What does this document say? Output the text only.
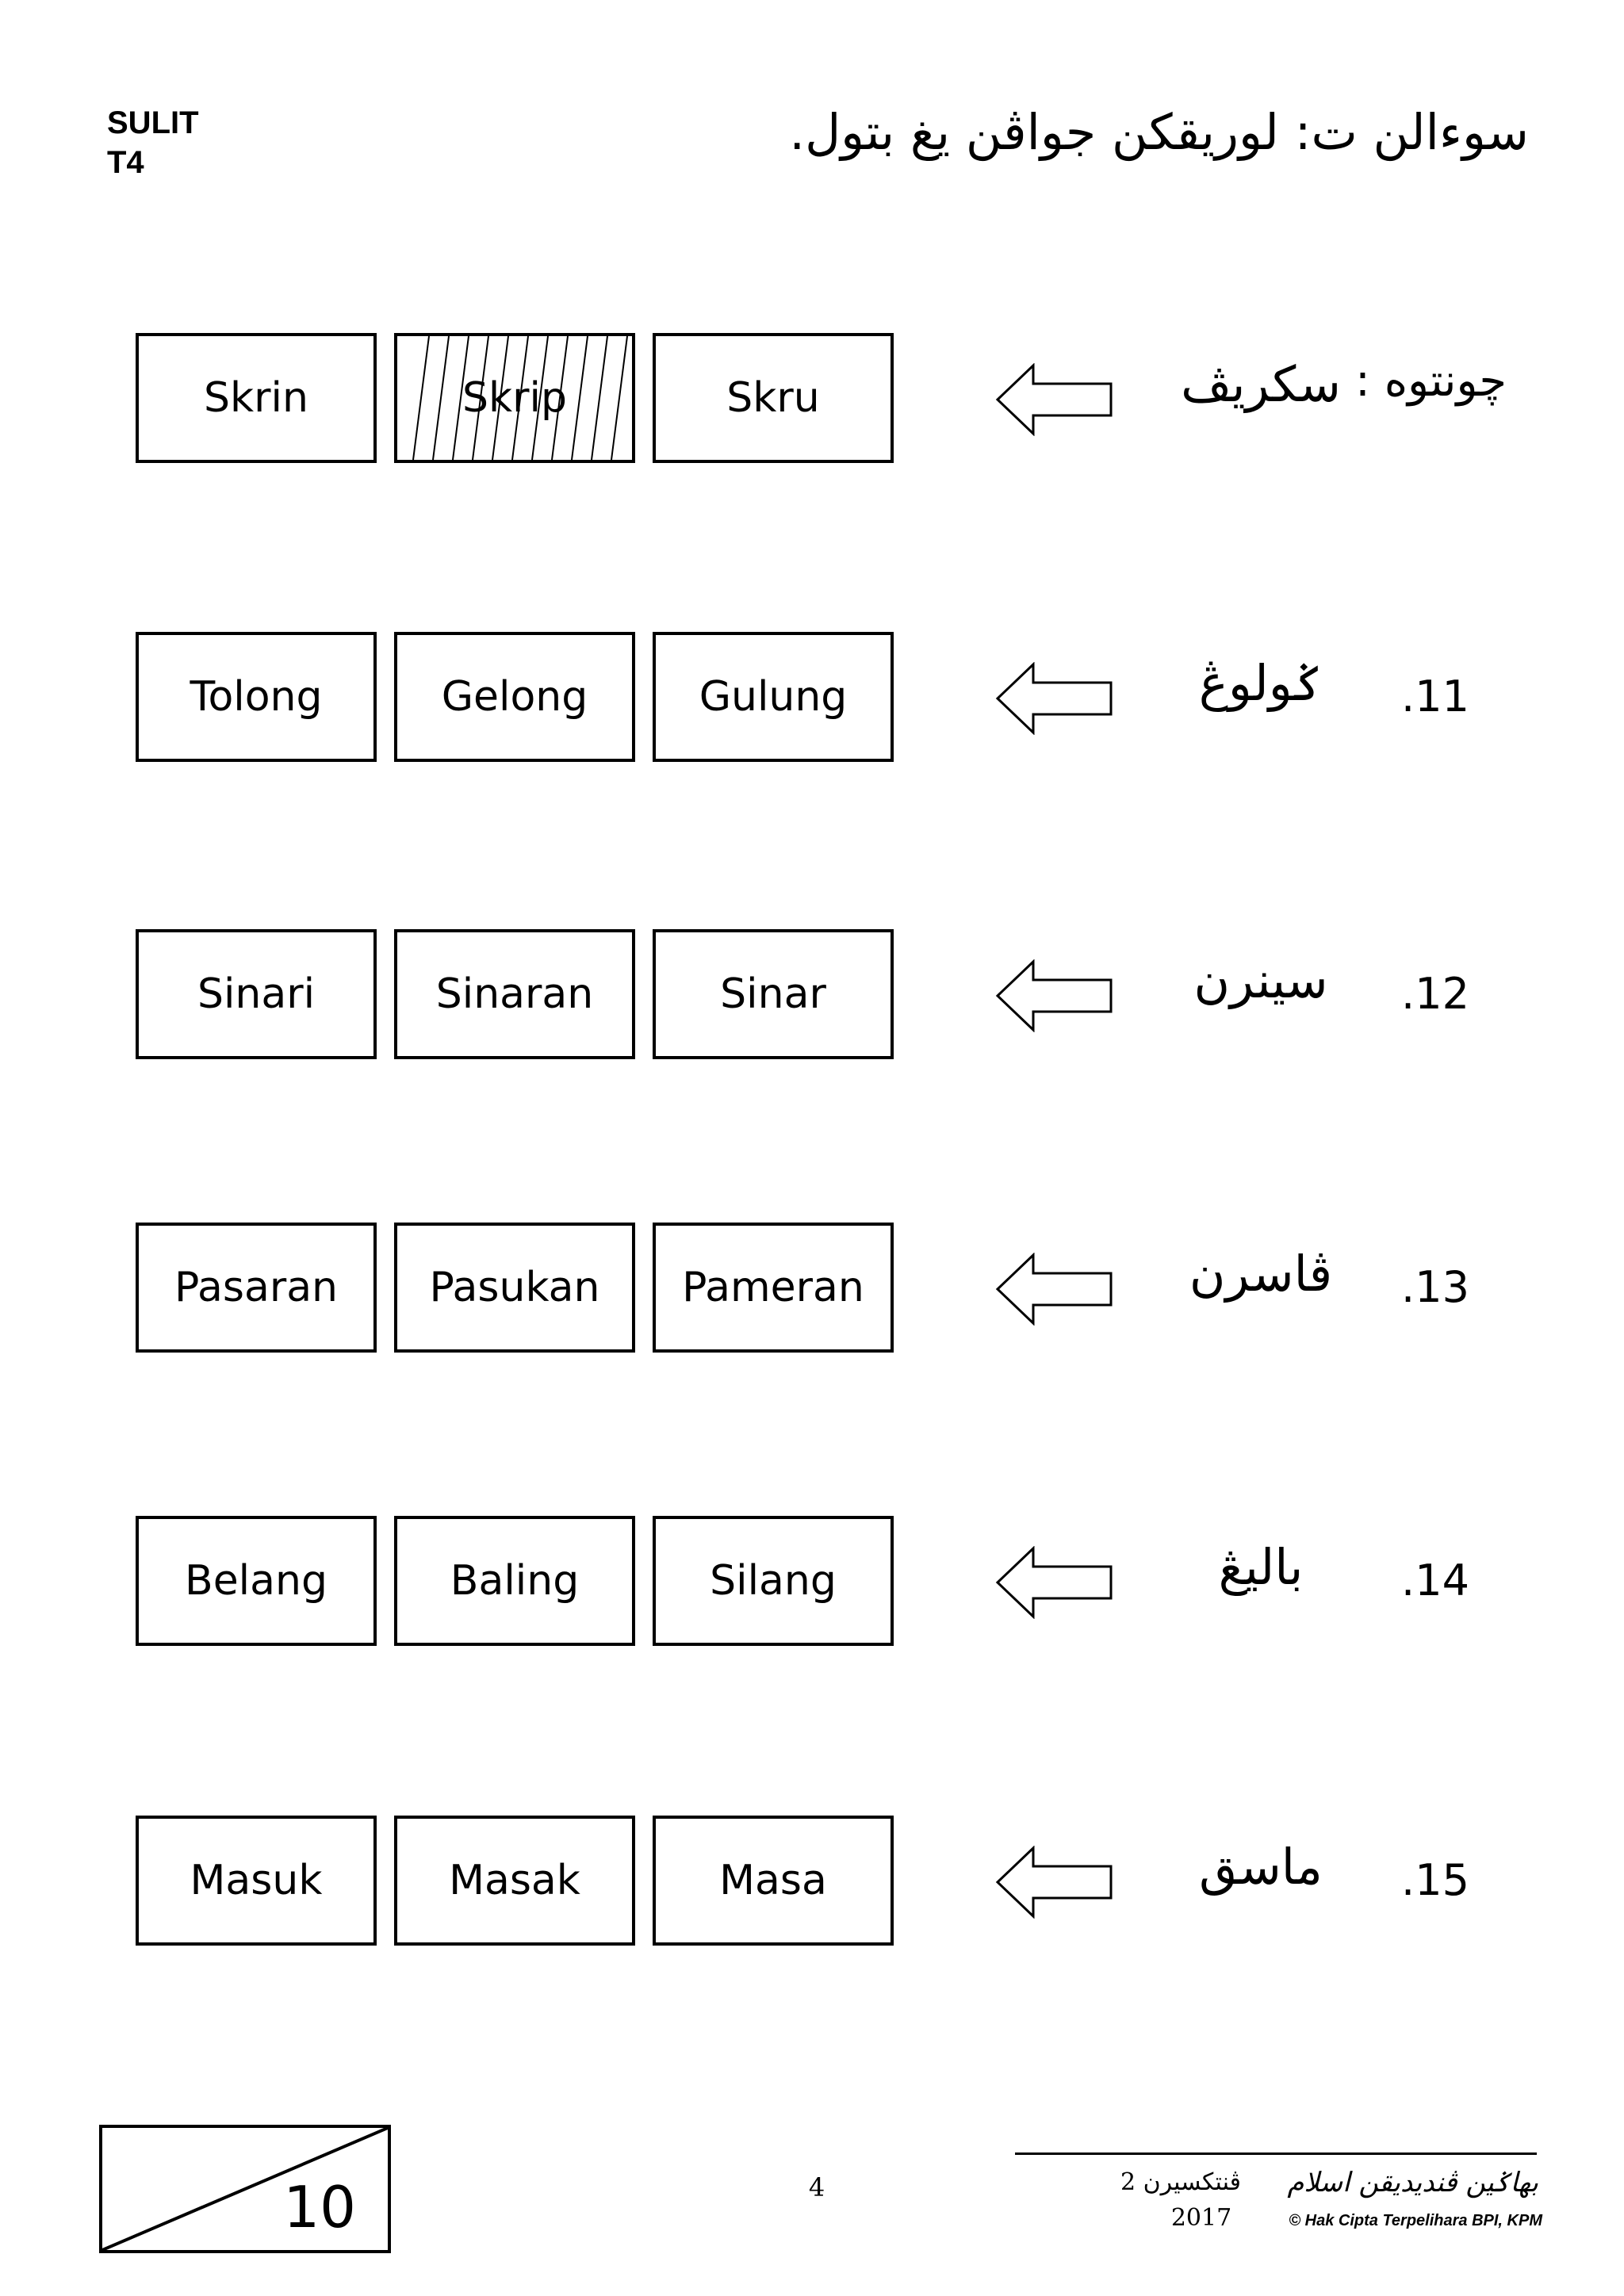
SULIT
T4
سوءالن ت: لوريقكن جواڤن يغ بتول.
Skrin	Skrip	Skru	سكريڤ چونتوه :
Tolong	Gelong	Gulung	ݢولوڠ	.11
Sinari	Sinaran	Sinar	سينرن	.12
Pasaran Pasukan Pameran	ڤاسرن	.13
Belang	Baling	Silang	باليڠ	.14
Masuk	Masak	Masa	ماسق	.15
10	4	ڤنتكسيرن 2
2017
بهاݢين ڤنديديقن اسلام
© Hak Cipta Terpelihara BPI, KPM
